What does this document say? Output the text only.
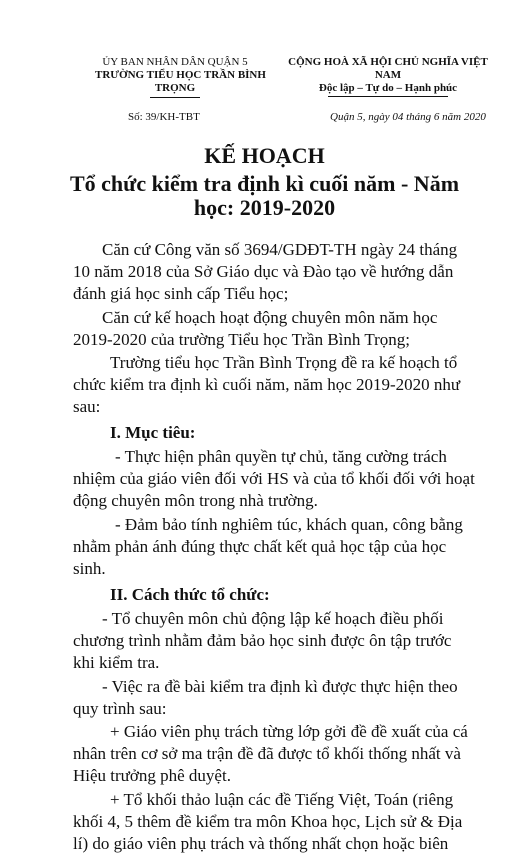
ỦY BAN NHÂN DÂN QUẬN 5
TRƯỜNG TIỂU HỌC TRẦN BÌNH
TRỌNG
CỘNG HOÀ XÃ HỘI CHỦ NGHĨA VIỆT
NAM
Độc lập – Tự do – Hạnh phúc
Số: 39/KH-TBT	Quận 5, ngày 04 tháng 6 năm 2020
KẾ HOẠCH
Tổ chức kiểm tra định kì cuối năm - Năm
học: 2019-2020
Căn cứ Công văn số 3694/GDĐT-TH ngày 24 tháng
10 năm 2018 của Sở Giáo dục và Đào tạo về hướng dẫn
đánh giá học sinh cấp Tiểu học;
Căn cứ kế hoạch hoạt động chuyên môn năm học
2019-2020 của trường Tiểu học Trần Bình Trọng;
Trường tiểu học Trần Bình Trọng đề ra kế hoạch tổ
chức kiểm tra định kì cuối năm, năm học 2019-2020 như
sau:
I. Mục tiêu:
- Thực hiện phân quyền tự chủ, tăng cường trách
nhiệm của giáo viên đối với HS và của tổ khối đối với hoạt
động chuyên môn trong nhà trường.
- Đảm bảo tính nghiêm túc, khách quan, công bằng
nhằm phản ánh đúng thực chất kết quả học tập của học
sinh.
II. Cách thức tổ chức:
- Tổ chuyên môn chủ động lập kế hoạch điều phối
chương trình nhằm đảm bảo học sinh được ôn tập trước
khi kiểm tra.
- Việc ra đề bài kiểm tra định kì được thực hiện theo
quy trình sau:
+ Giáo viên phụ trách từng lớp gởi đề đề xuất của cá
nhân trên cơ sở ma trận đề đã được tổ khối thống nhất và
Hiệu trưởng phê duyệt.
+ Tổ khối thảo luận các đề Tiếng Việt, Toán (riêng
khối 4, 5 thêm đề kiểm tra môn Khoa học, Lịch sử & Địa
lí) do giáo viên phụ trách và thống nhất chọn hoặc biên
